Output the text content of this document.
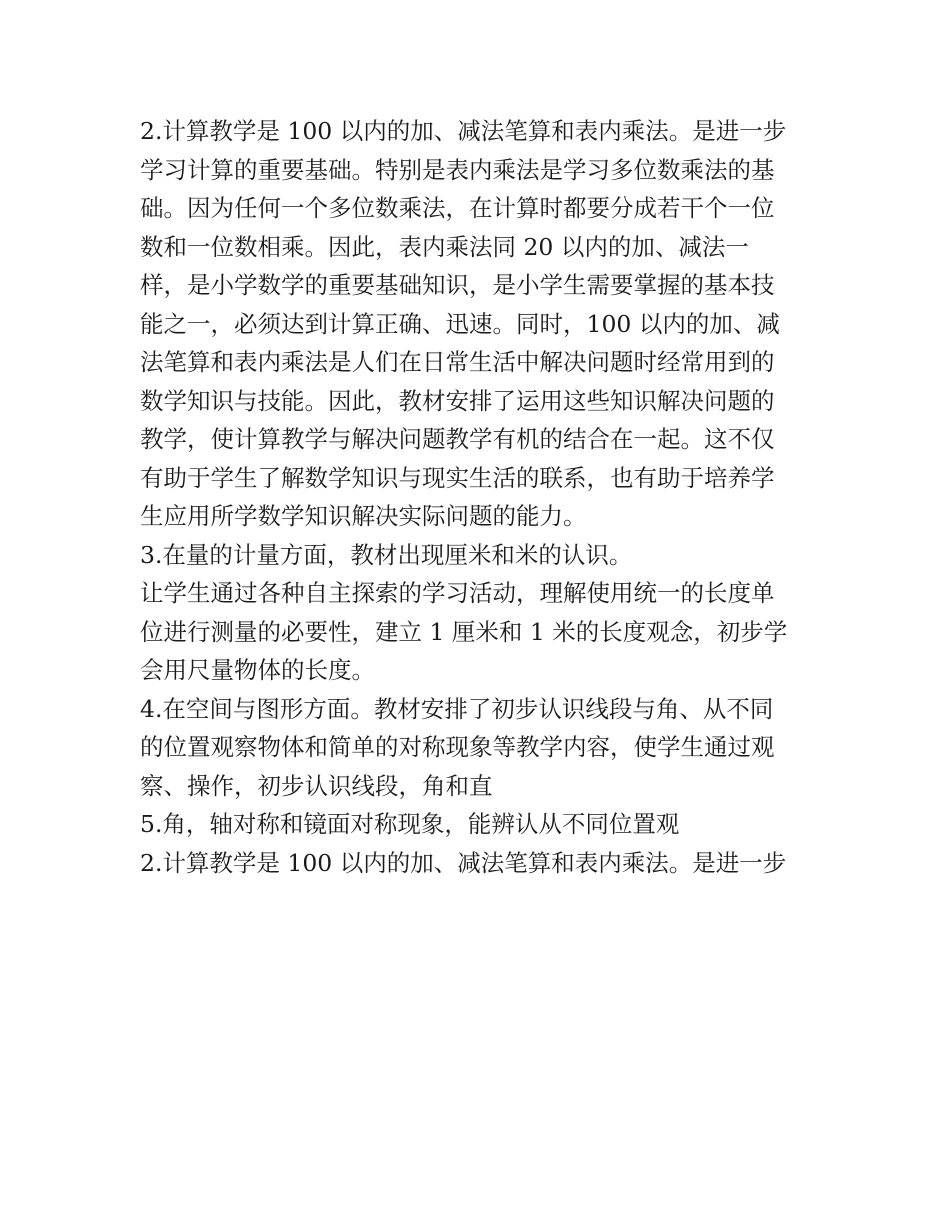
2.计算教学是 100 以内的加、减法笔算和表内乘法。是进一步
学习计算的重要基础。特别是表内乘法是学习多位数乘法的基
础。因为任何一个多位数乘法，在计算时都要分成若干个一位
数和一位数相乘。因此，表内乘法同 20 以内的加、减法一
样，是小学数学的重要基础知识，是小学生需要掌握的基本技
能之一，必须达到计算正确、迅速。同时，100 以内的加、减
法笔算和表内乘法是人们在日常生活中解决问题时经常用到的
数学知识与技能。因此，教材安排了运用这些知识解决问题的
教学，使计算教学与解决问题教学有机的结合在一起。这不仅
有助于学生了解数学知识与现实生活的联系，也有助于培养学
生应用所学数学知识解决实际问题的能力。
3.在量的计量方面，教材出现厘米和米的认识。
让学生通过各种自主探索的学习活动，理解使用统一的长度单
位进行测量的必要性，建立 1 厘米和 1 米的长度观念，初步学
会用尺量物体的长度。
4.在空间与图形方面。教材安排了初步认识线段与角、从不同
的位置观察物体和简单的对称现象等教学内容，使学生通过观
察、操作，初步认识线段，角和直
5.角，轴对称和镜面对称现象，能辨认从不同位置观
2.计算教学是 100 以内的加、减法笔算和表内乘法。是进一步
